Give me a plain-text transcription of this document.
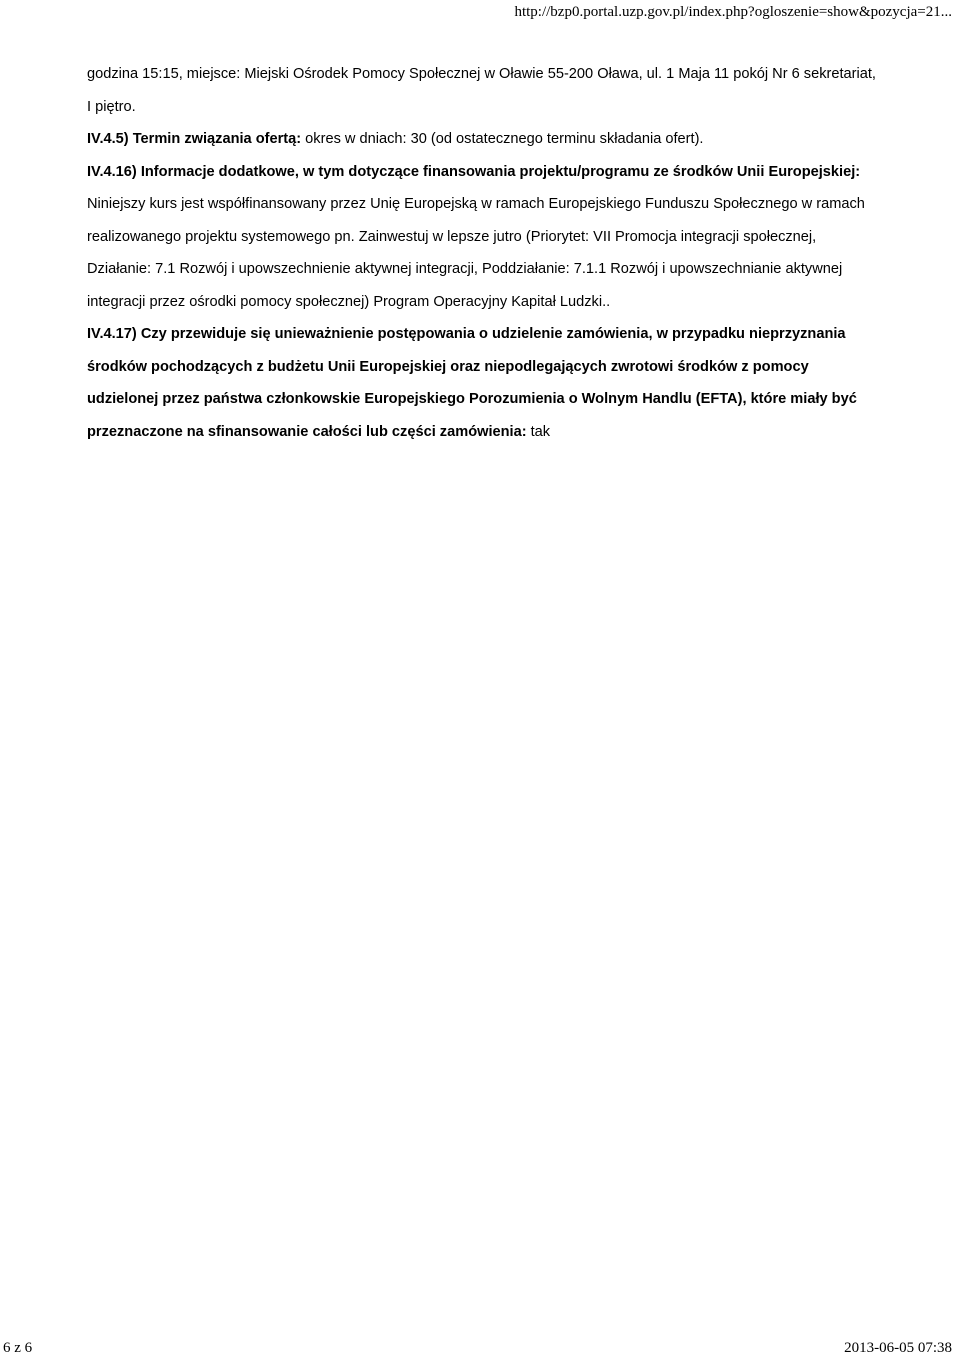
http://bzp0.portal.uzp.gov.pl/index.php?ogloszenie=show&pozycja=21...

godzina 15:15, miejsce: Miejski Ośrodek Pomocy Społecznej w Oławie 55-200 Oława, ul. 1 Maja 11 pokój Nr 6 sekretariat, I piętro.

IV.4.5) Termin związania ofertą: okres w dniach: 30 (od ostatecznego terminu składania ofert).

IV.4.16) Informacje dodatkowe, w tym dotyczące finansowania projektu/programu ze środków Unii Europejskiej: Niniejszy kurs jest współfinansowany przez Unię Europejską w ramach Europejskiego Funduszu Społecznego w ramach realizowanego projektu systemowego pn. Zainwestuj w lepsze jutro (Priorytet: VII Promocja integracji społecznej, Działanie: 7.1 Rozwój i upowszechnienie aktywnej integracji, Poddziałanie: 7.1.1 Rozwój i upowszechnianie aktywnej integracji przez ośrodki pomocy społecznej) Program Operacyjny Kapitał Ludzki..

IV.4.17) Czy przewiduje się unieważnienie postępowania o udzielenie zamówienia, w przypadku nieprzyznania środków pochodzących z budżetu Unii Europejskiej oraz niepodlegających zwrotowi środków z pomocy udzielonej przez państwa członkowskie Europejskiego Porozumienia o Wolnym Handlu (EFTA), które miały być przeznaczone na sfinansowanie całości lub części zamówienia: tak

6 z 6	2013-06-05 07:38
